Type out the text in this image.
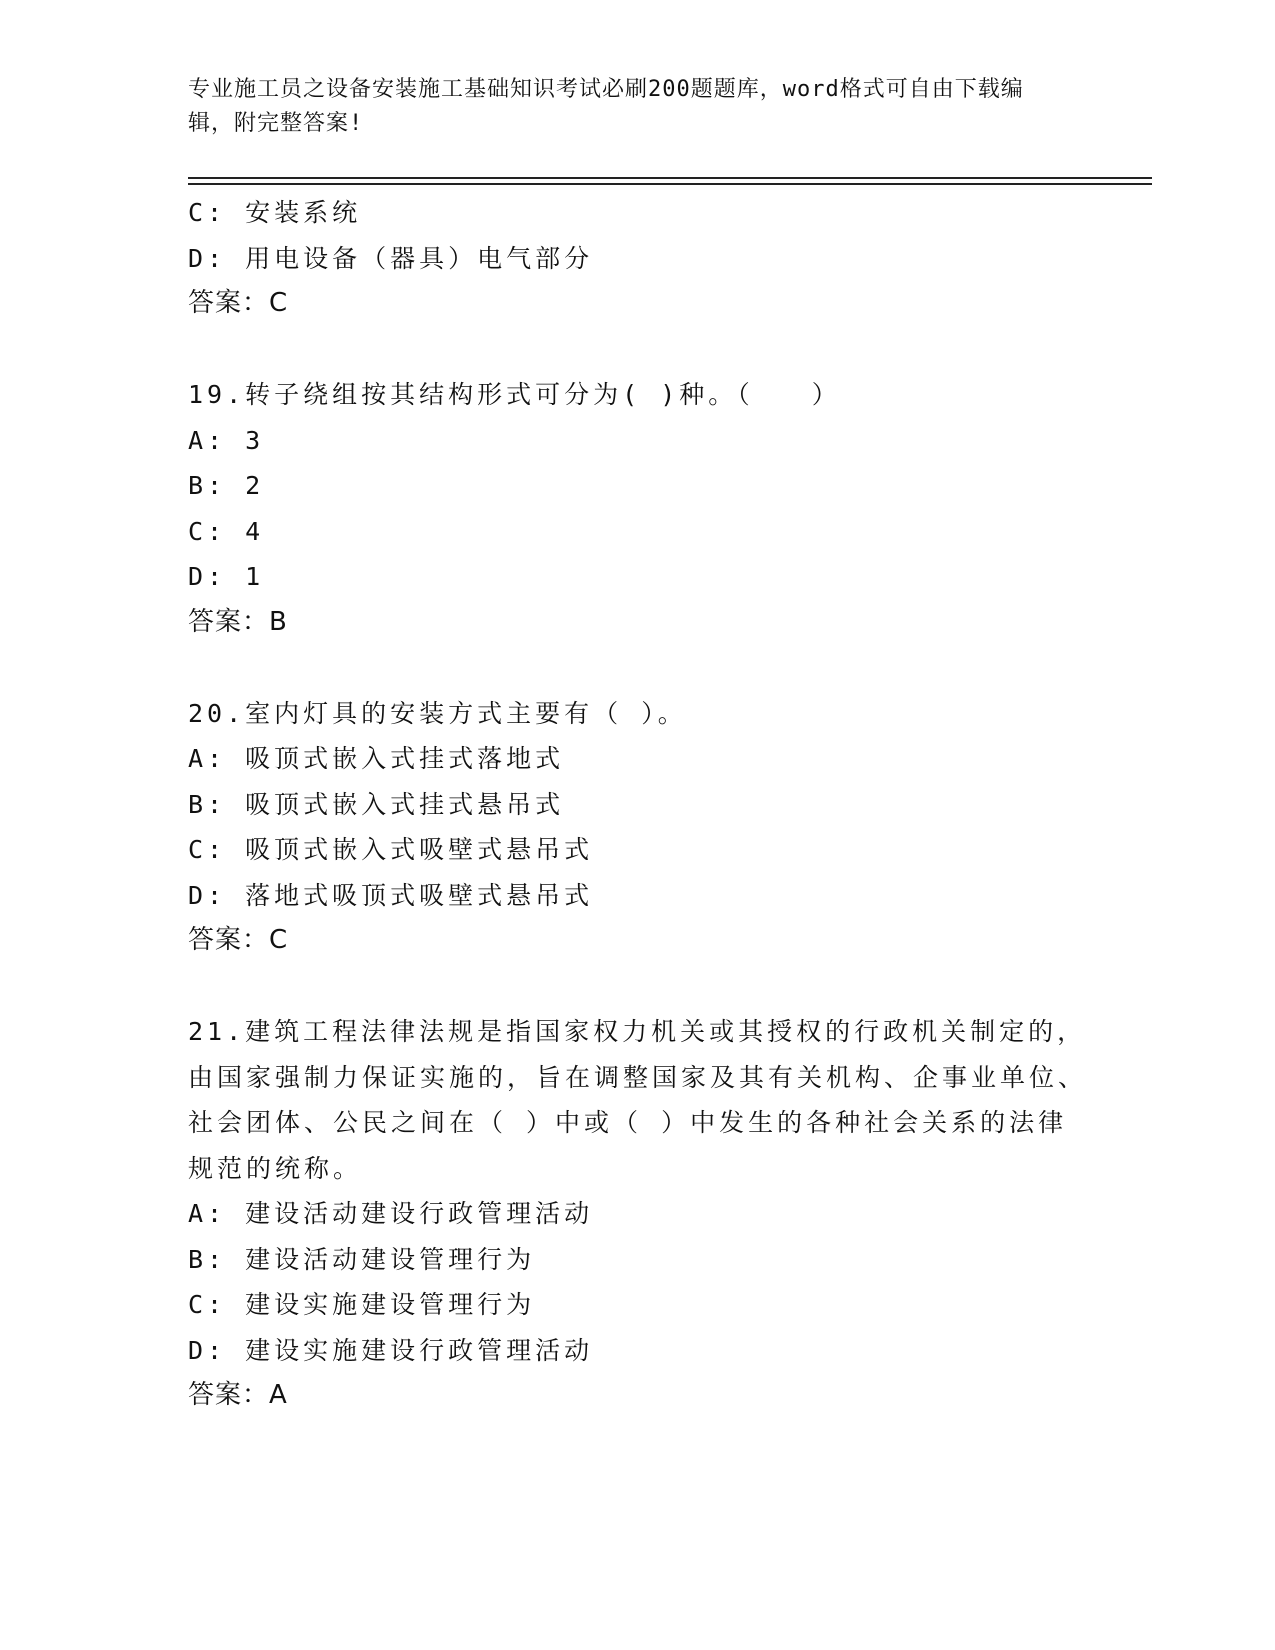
专业施工员之设备安装施工基础知识考试必刷200题题库，word格式可自由下载编辑，附完整答案!
C: 安装系统
D: 用电设备（器具）电气部分
答案：C
19.转子绕组按其结构形式可分为( )种。（　　）
A: 3
B: 2
C: 4
D: 1
答案：B
20.室内灯具的安装方式主要有（ ）。
A: 吸顶式嵌入式挂式落地式
B: 吸顶式嵌入式挂式悬吊式
C: 吸顶式嵌入式吸壁式悬吊式
D: 落地式吸顶式吸壁式悬吊式
答案：C
21.建筑工程法律法规是指国家权力机关或其授权的行政机关制定的，由国家强制力保证实施的，旨在调整国家及其有关机构、企事业单位、社会团体、公民之间在（ ）中或（ ）中发生的各种社会关系的法律规范的统称。
A: 建设活动建设行政管理活动
B: 建设活动建设管理行为
C: 建设实施建设管理行为
D: 建设实施建设行政管理活动
答案：A
